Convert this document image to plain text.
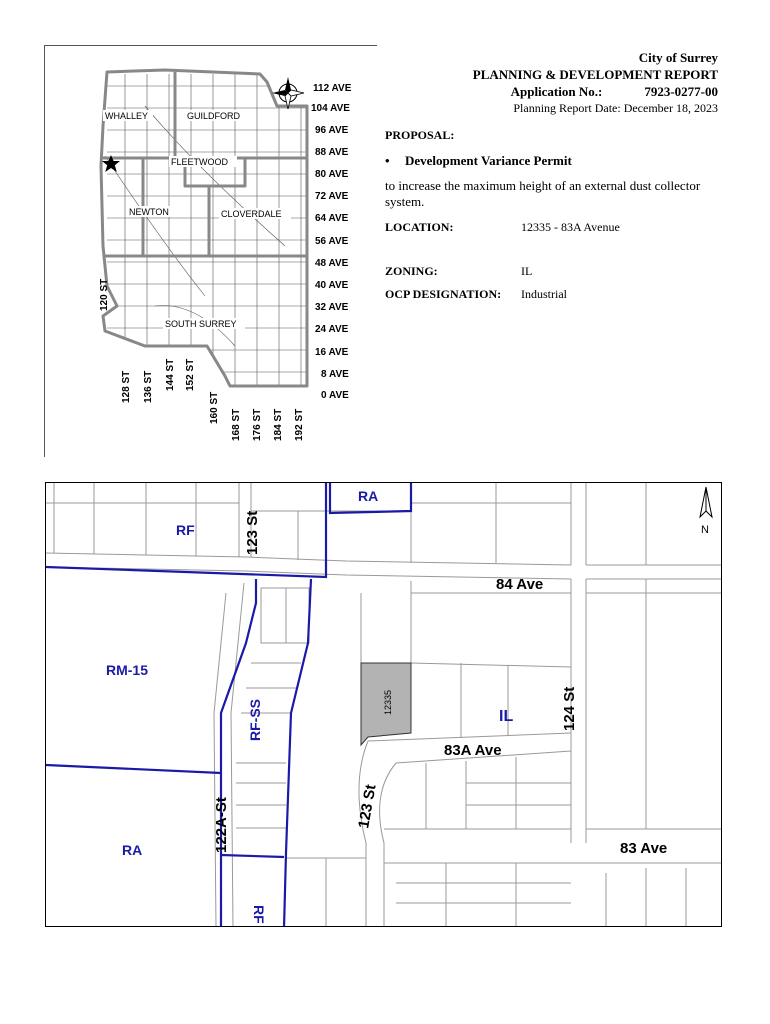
WHALLEY	GUILDFORD
FLEETWOOD
NEWTON	CLOVERDALE
SOUTH SURREY
112 AVE
104 AVE
96 AVE
88 AVE
80 AVE
72 AVE
64 AVE
56 AVE
48 AVE
40 AVE
32 AVE
24 AVE
16 AVE
8 AVE
0 AVE
120 ST
128 ST 136 ST 144 ST 152 ST
160 ST
168 ST 176 ST 184 ST 192 ST
City of Surrey
PLANNING & DEVELOPMENT REPORT
Application No.:	7923-0277-00
Planning Report Date: December 18, 2023
PROPOSAL:
• Development Variance Permit
to increase the maximum height of an external dust collector system.
LOCATION:	12335 - 83A Avenue
ZONING:	IL
OCP DESIGNATION: Industrial
RA
RF
RM-15
RF-SS	IL
RA
RF
123 St
84 Ave
83A Ave
124 St
123 St
122A-St	83 Ave
12335
N
